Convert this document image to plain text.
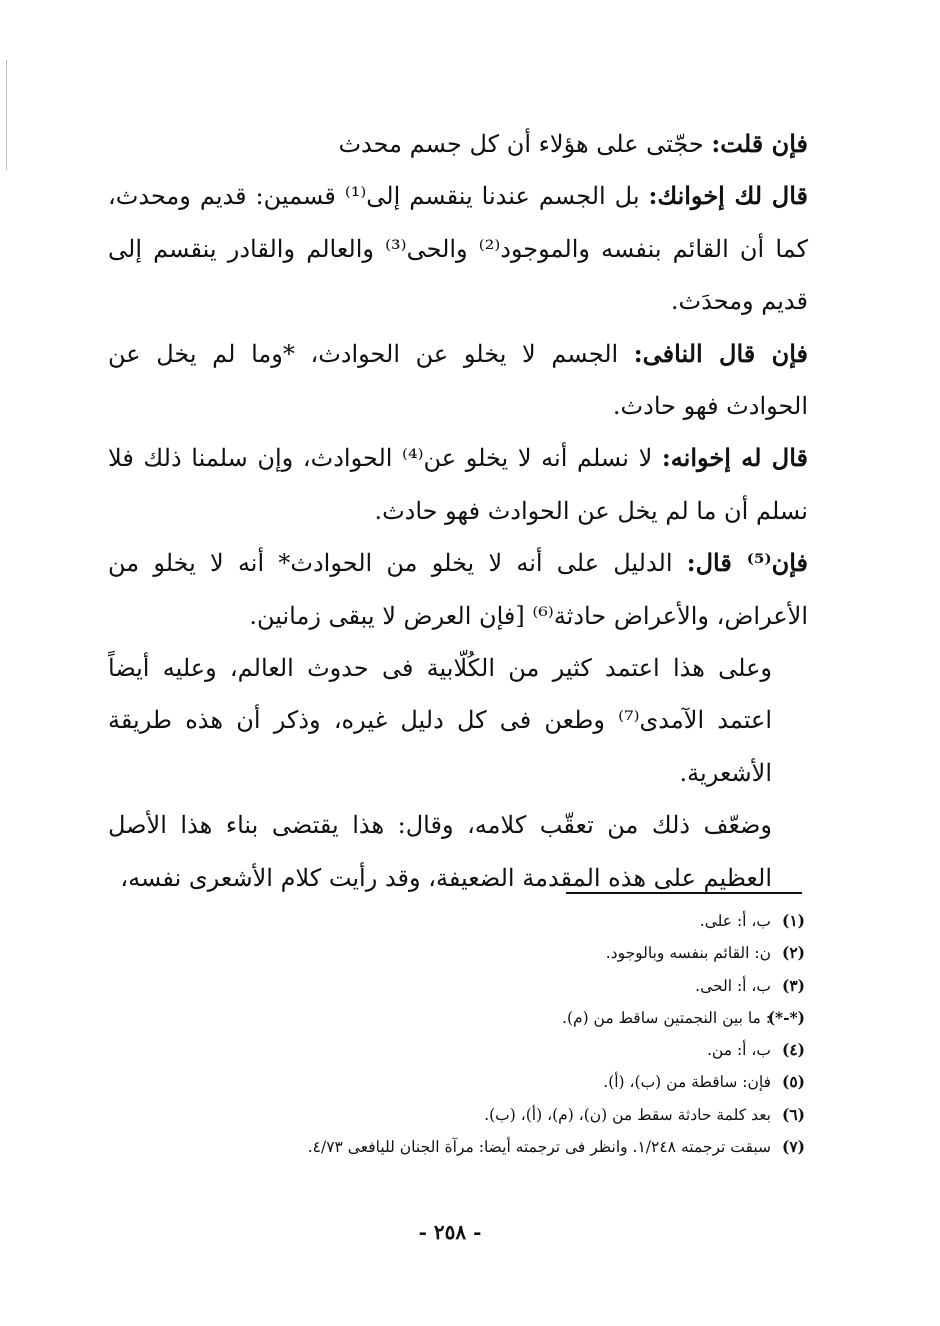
فإن قلت: حجّتى على هؤلاء أن كل جسم محدث

قال لك إخوانك: بل الجسم عندنا ينقسم إلى⁽¹⁾ قسمين: قديم ومحدث، كما أن القائم بنفسه والموجود⁽²⁾ والحى⁽³⁾ والعالم والقادر ينقسم إلى قديم ومحدَث.

فإن قال النافى: الجسم لا يخلو عن الحوادث، *وما لم يخل عن الحوادث فهو حادث.

قال له إخوانه: لا نسلم أنه لا يخلو عن⁽⁴⁾ الحوادث، وإن سلمنا ذلك فلا نسلم أن ما لم يخل عن الحوادث فهو حادث.

فإن⁽⁵⁾ قال: الدليل على أنه لا يخلو من الحوادث* أنه لا يخلو من الأعراض، والأعراض حادثة⁽⁶⁾ [فإن العرض لا يبقى زمانين.

وعلى هذا اعتمد كثير من الكُلّابية فى حدوث العالم، وعليه أيضاً اعتمد الآمدى⁽⁷⁾ وطعن فى كل دليل غيره، وذكر أن هذه طريقة الأشعرية.

وضعّف ذلك من تعقّب كلامه، وقال: هذا يقتضى بناء هذا الأصل العظيم على هذه المقدمة الضعيفة، وقد رأيت كلام الأشعرى نفسه،

(١)ب، أ: على.
(٢)ن: القائم بنفسه وبالوجود.
(٣)ب، أ: الحى.
(*-*): ما بين النجمتين ساقط من (م).
(٤)ب، أ: من.
(٥)فإن: ساقطة من (ب)، (أ).
(٦)بعد كلمة حادثة سقط من (ن)، (م)، (أ)، (ب).
(٧)سبقت ترجمته ١/٢٤٨. وانظر فى ترجمته أيضا: مرآة الجنان لليافعى ٤/٧٣.
- ٢٥٨ -
